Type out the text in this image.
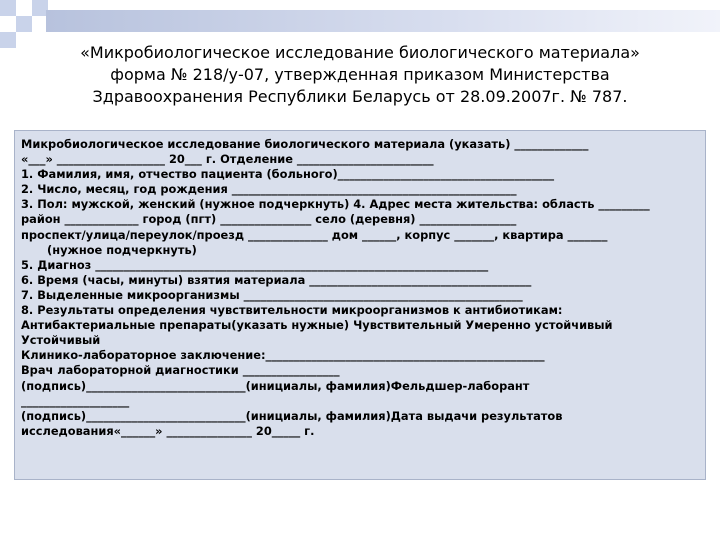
«Микробиологическое исследование биологического материала»
форма № 218/у-07, утвержденная приказом Министерства
Здравоохранения Республики Беларусь от 28.09.2007г. № 787.
Микробиологическое исследование биологического материала (указать) _____________
«___» ___________________ 20___ г. Отделение ________________________
1. Фамилия, имя, отчество пациента (больного)______________________________________
2. Число, месяц, год рождения __________________________________________________
3. Пол: мужской, женский (нужное подчеркнуть) 4. Адрес места жительства: область _________
район _____________ город (пгт) ________________ село (деревня) _________________
проспект/улица/переулок/проезд ______________ дом ______, корпус _______, квартира _______
(нужное подчеркнуть)
5. Диагноз _____________________________________________________________________
6. Время (часы, минуты) взятия материала _______________________________________
7. Выделенные микроорганизмы _________________________________________________
8. Результаты определения чувствительности микроорганизмов к антибиотикам:
Антибактериальные препараты(указать нужные) Чувствительный Умеренно устойчивый
Устойчивый
Клинико-лабораторное заключение:_________________________________________________
Врач лабораторной диагностики _________________
(подпись)____________________________(инициалы, фамилия)Фельдшер-лаборант
___________________
(подпись)____________________________(инициалы, фамилия)Дата выдачи результатов
исследования«______» _______________ 20_____ г.
